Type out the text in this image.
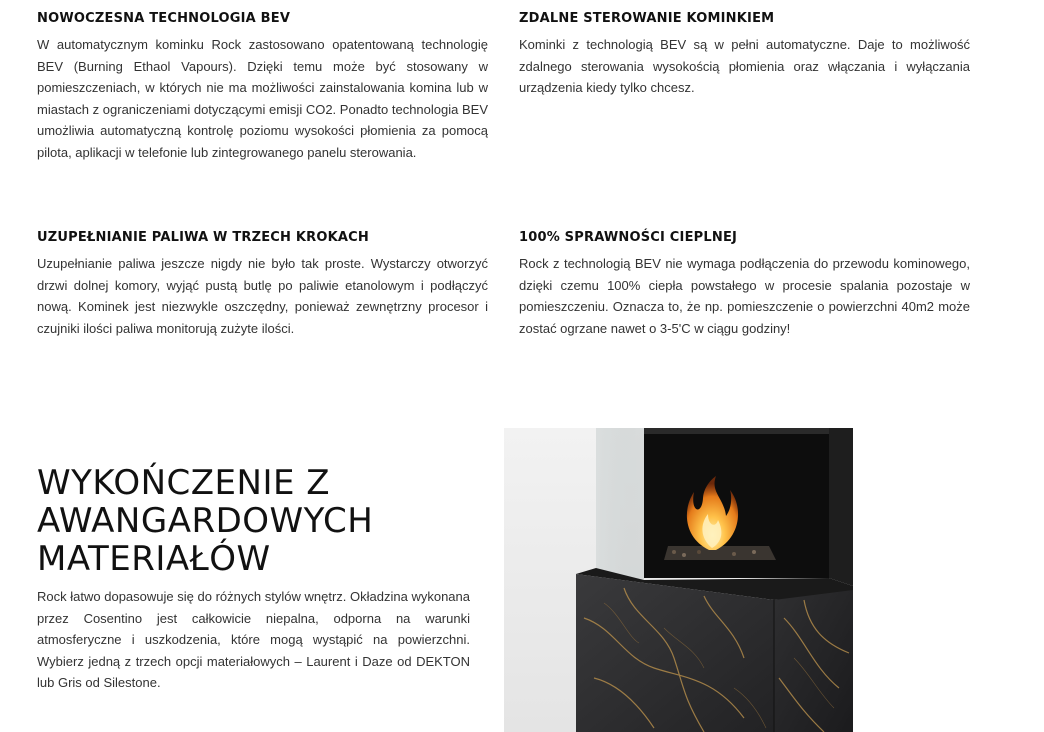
NOWOCZESNA TECHNOLOGIA BEV

W automatycznym kominku Rock zastosowano opatentowaną technologię BEV (Burning Ethaol Vapours). Dzięki temu może być stosowany w pomieszczeniach, w których nie ma możliwości zainstalowania komina lub w miastach z ograniczeniami dotyczącymi emisji CO2. Ponadto technologia BEV umożliwia automatyczną kontrolę poziomu wysokości płomienia za pomocą pilota, aplikacji w telefonie lub zintegrowanego panelu sterowania.

ZDALNE STEROWANIE KOMINKIEM

Kominki z technologią BEV są w pełni automatyczne. Daje to możliwość zdalnego sterowania wysokością płomienia oraz włączania i wyłączania urządzenia kiedy tylko chcesz.

UZUPEŁNIANIE PALIWA W TRZECH KROKACH

Uzupełnianie paliwa jeszcze nigdy nie było tak proste. Wystarczy otworzyć drzwi dolnej komory, wyjąć pustą butlę po paliwie etanolowym i podłączyć nową. Kominek jest niezwykle oszczędny, ponieważ zewnętrzny procesor i czujniki ilości paliwa monitorują zużyte ilości.

100% SPRAWNOŚCI CIEPLNEJ

Rock z technologią BEV nie wymaga podłączenia do przewodu kominowego, dzięki czemu 100% ciepła powstałego w procesie spalania pozostaje w pomieszczeniu. Oznacza to, że np. pomieszczenie o powierzchni 40m2 może zostać ogrzane nawet o 3-5'C w ciągu godziny!

WYKOŃCZENIE Z AWANGARDOWYCH MATERIAŁÓW

Rock łatwo dopasowuje się do różnych stylów wnętrz. Okładzina wykonana przez Cosentino jest całkowicie niepalna, odporna na warunki atmosferyczne i uszkodzenia, które mogą wystąpić na powierzchni. Wybierz jedną z trzech opcji materiałowych – Laurent i Daze od DEKTON lub Gris od Silestone.
